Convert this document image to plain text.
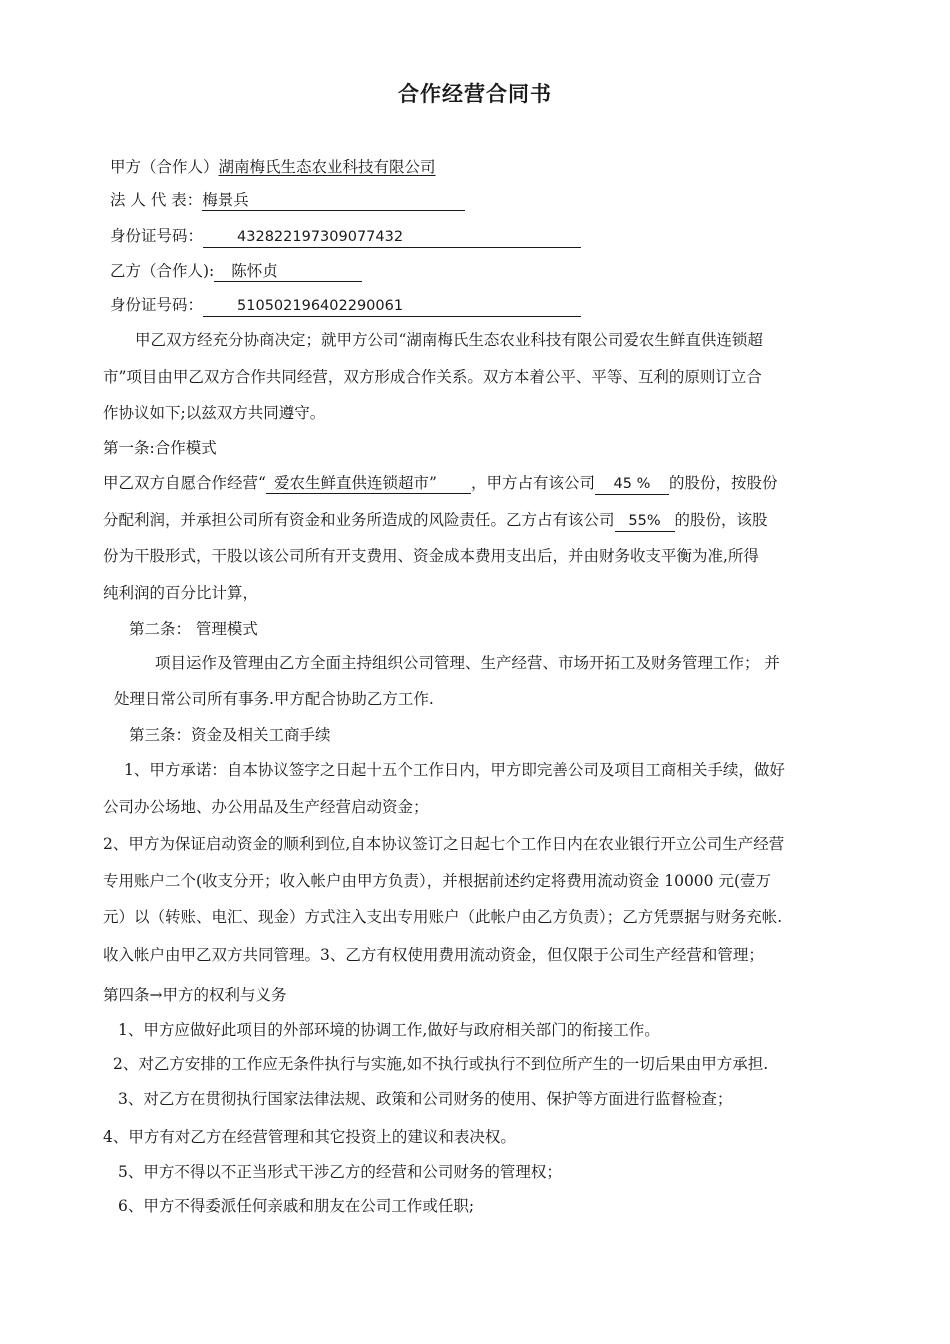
合作经营合同书
甲方（合作人）湖南梅氏生态农业科技有限公司
法 人 代 表：梅景兵
身份证号码： 432822197309077432
乙方（合作人): 陈怀贞
身份证号码： 510502196402290061
甲乙双方经充分协商决定；就甲方公司“湖南梅氏生态农业科技有限公司爱农生鲜直供连锁超
市”项目由甲乙双方合作共同经营，双方形成合作关系。双方本着公平、平等、互利的原则订立合
作协议如下;以兹双方共同遵守。
第一条:合作模式
甲乙双方自愿合作经营“ 爱农生鲜直供连锁超市” ，甲方占有该公司 45 % 的股份，按股份
分配利润，并承担公司所有资金和业务所造成的风险责任。乙方占有该公司 55% 的股份，该股
份为干股形式，干股以该公司所有开支费用、资金成本费用支出后，并由财务收支平衡为准,所得
纯利润的百分比计算，
第二条： 管理模式
项目运作及管理由乙方全面主持组织公司管理、生产经营、市场开拓工及财务管理工作； 并
处理日常公司所有事务.甲方配合协助乙方工作.
第三条：资金及相关工商手续
1、甲方承诺：自本协议签字之日起十五个工作日内，甲方即完善公司及项目工商相关手续，做好
公司办公场地、办公用品及生产经营启动资金；
2、甲方为保证启动资金的顺利到位,自本协议签订之日起七个工作日内在农业银行开立公司生产经营
专用账户二个(收支分开；收入帐户由甲方负责），并根据前述约定将费用流动资金 10000 元(壹万
元）以（转账、电汇、现金）方式注入支出专用账户（此帐户由乙方负责）；乙方凭票据与财务充帐.
收入帐户由甲乙双方共同管理。3、乙方有权使用费用流动资金，但仅限于公司生产经营和管理；
第四条→甲方的权利与义务
1、甲方应做好此项目的外部环境的协调工作,做好与政府相关部门的衔接工作。
2、对乙方安排的工作应无条件执行与实施,如不执行或执行不到位所产生的一切后果由甲方承担.
3、对乙方在贯彻执行国家法律法规、政策和公司财务的使用、保护等方面进行监督检查；
4、甲方有对乙方在经营管理和其它投资上的建议和表决权。
5、甲方不得以不正当形式干涉乙方的经营和公司财务的管理权；
6、甲方不得委派任何亲戚和朋友在公司工作或任职;
